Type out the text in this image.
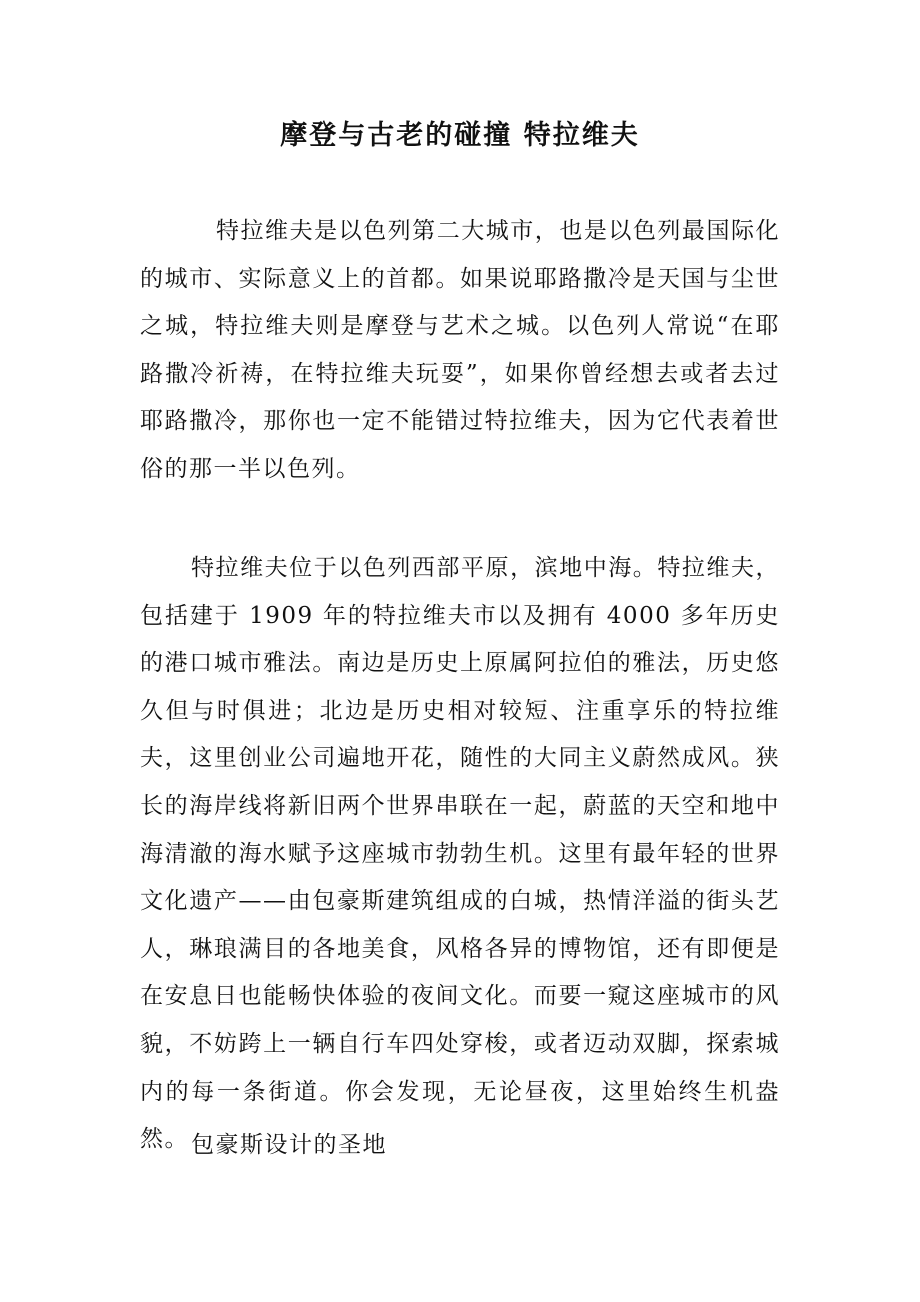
摩登与古老的碰撞 特拉维夫

特拉维夫是以色列第二大城市，也是以色列最国际化的城市、实际意义上的首都。如果说耶路撒冷是天国与尘世之城，特拉维夫则是摩登与艺术之城。以色列人常说“在耶路撒冷祈祷，在特拉维夫玩耍”，如果你曾经想去或者去过耶路撒冷，那你也一定不能错过特拉维夫，因为它代表着世俗的那一半以色列。

特拉维夫位于以色列西部平原，滨地中海。特拉维夫，包括建于 1909 年的特拉维夫市以及拥有 4000 多年历史的港口城市雅法。南边是历史上原属阿拉伯的雅法，历史悠久但与时俱进；北边是历史相对较短、注重享乐的特拉维夫，这里创业公司遍地开花，随性的大同主义蔚然成风。狭长的海岸线将新旧两个世界串联在一起，蔚蓝的天空和地中海清澈的海水赋予这座城市勃勃生机。这里有最年轻的世界文化遗产——由包豪斯建筑组成的白城，热情洋溢的街头艺人，琳琅满目的各地美食，风格各异的博物馆，还有即便是在安息日也能畅快体验的夜间文化。而要一窥这座城市的风貌，不妨跨上一辆自行车四处穿梭，或者迈动双脚，探索城内的每一条街道。你会发现，无论昼夜，这里始终生机盎然。 包豪斯设计的圣地
